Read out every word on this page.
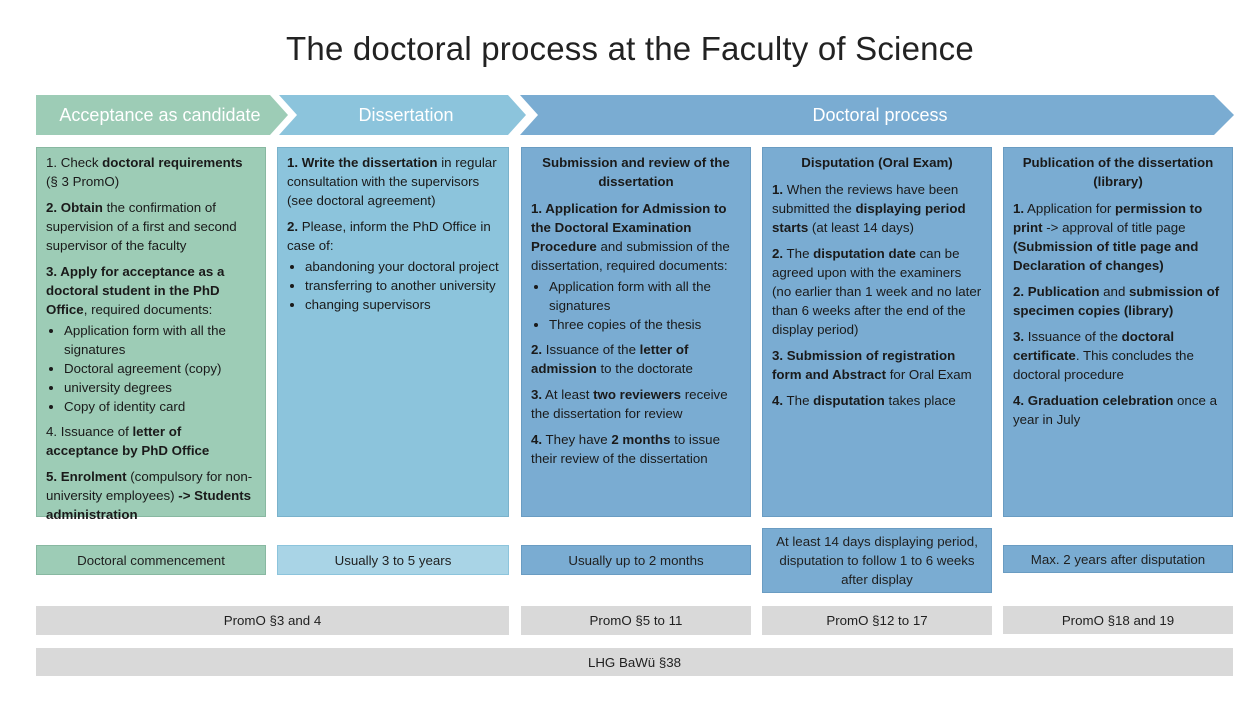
The doctoral process at the Faculty of Science
Acceptance as candidate	Dissertation	Doctoral process

1. Check doctoral requirements (§ 3 PromO)

2. Obtain the confirmation of supervision of a first and second supervisor of the faculty

3. Apply for acceptance as a doctoral student in the PhD Office, required documents:

• Application form with all the signatures
• Doctoral agreement (copy)
• university degrees
• Copy of identity card

4. Issuance of letter of acceptance by PhD Office

5. Enrolment (compulsory for non-university employees) -> Students administration

1. Write the dissertation in regular consultation with the supervisors (see doctoral agreement)

2. Please, inform the PhD Office in case of:

• abandoning your doctoral project
• transferring to another university
• changing supervisors

Submission and review of the dissertation

1. Application for Admission to the Doctoral Examination Procedure and submission of the dissertation, required documents:

• Application form with all the signatures
• Three copies of the thesis

2. Issuance of the letter of admission to the doctorate

3. At least two reviewers receive the dissertation for review

4. They have 2 months to issue their review of the dissertation

Disputation (Oral Exam)

1. When the reviews have been submitted the displaying period starts (at least 14 days)

2. The disputation date can be agreed upon with the examiners (no earlier than 1 week and no later than 6 weeks after the end of the display period)

3. Submission of registration form and Abstract for Oral Exam

4. The disputation takes place

Publication of the dissertation (library)

1. Application for permission to print -> approval of title page (Submission of title page and Declaration of changes)

2. Publication and submission of specimen copies (library)

3. Issuance of the doctoral certificate. This concludes the doctoral procedure

4. Graduation celebration once a year in July

Doctoral commencement	Usually 3 to 5 years	Usually up to 2 months
At least 14 days displaying period, disputation to follow 1 to 6 weeks after display
Max. 2 years after disputation
PromO §3 and 4	PromO §5 to 11	PromO §12 to 17	PromO §18 and 19
LHG BaWü §38
